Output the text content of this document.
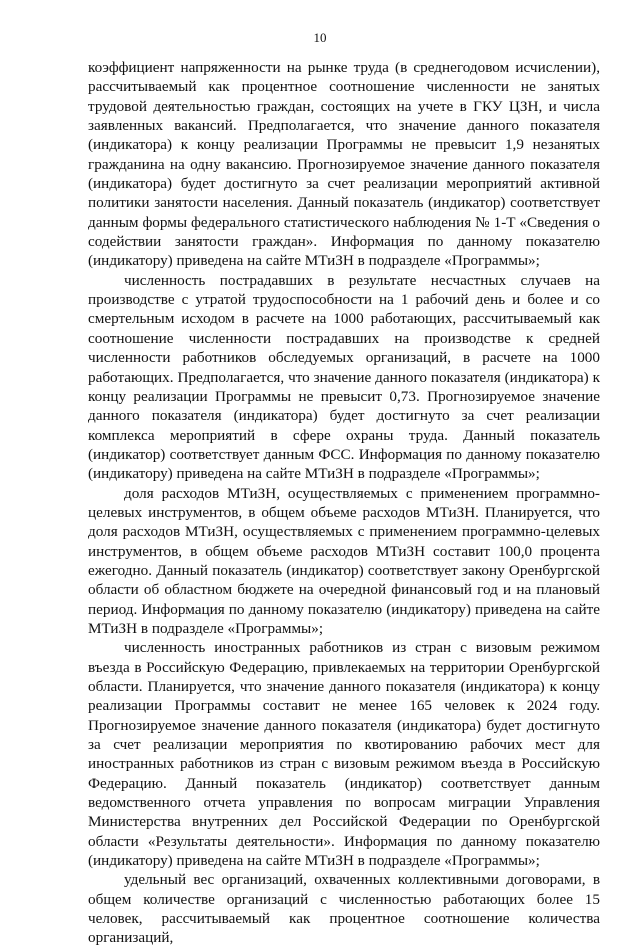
10

коэффициент напряженности на рынке труда (в среднегодовом исчислении), рассчитываемый как процентное соотношение численности не занятых трудовой деятельностью граждан, состоящих на учете в ГКУ ЦЗН, и числа заявленных вакансий. Предполагается, что значение данного показателя (индикатора) к концу реализации Программы не превысит 1,9 незанятых гражданина на одну вакансию. Прогнозируемое значение данного показателя (индикатора) будет достигнуто за счет реализации мероприятий активной политики занятости населения. Данный показатель (индикатор) соответствует данным формы федерального статистического наблюдения № 1-Т «Сведения о содействии занятости граждан». Информация по данному показателю (индикатору) приведена на сайте МТиЗН в подразделе «Программы»;

численность пострадавших в результате несчастных случаев на производстве с утратой трудоспособности на 1 рабочий день и более и со смертельным исходом в расчете на 1000 работающих, рассчитываемый как соотношение численности пострадавших на производстве к средней численности работников обследуемых организаций, в расчете на 1000 работающих. Предполагается, что значение данного показателя (индикатора) к концу реализации Программы не превысит 0,73. Прогнозируемое значение данного показателя (индикатора) будет достигнуто за счет реализации комплекса мероприятий в сфере охраны труда. Данный показатель (индикатор) соответствует данным ФСС. Информация по данному показателю (индикатору) приведена на сайте МТиЗН в подразделе «Программы»;

доля расходов МТиЗН, осуществляемых с применением программно-целевых инструментов, в общем объеме расходов МТиЗН. Планируется, что доля расходов МТиЗН, осуществляемых с применением программно-целевых инструментов, в общем объеме расходов МТиЗН составит 100,0 процента ежегодно. Данный показатель (индикатор) соответствует закону Оренбургской области об областном бюджете на очередной финансовый год и на плановый период. Информация по данному показателю (индикатору) приведена на сайте МТиЗН в подразделе «Программы»;

численность иностранных работников из стран с визовым режимом въезда в Российскую Федерацию, привлекаемых на территории Оренбургской области. Планируется, что значение данного показателя (индикатора) к концу реализации Программы составит не менее 165 человек к 2024 году. Прогнозируемое значение данного показателя (индикатора) будет достигнуто за счет реализации мероприятия по квотированию рабочих мест для иностранных работников из стран с визовым режимом въезда в Российскую Федерацию. Данный показатель (индикатор) соответствует данным ведомственного отчета управления по вопросам миграции Управления Министерства внутренних дел Российской Федерации по Оренбургской области «Результаты деятельности». Информация по данному показателю (индикатору) приведена на сайте МТиЗН в подразделе «Программы»;

удельный вес организаций, охваченных коллективными договорами, в общем количестве организаций с численностью работающих более 15 человек, рассчитываемый как процентное соотношение количества организаций,
